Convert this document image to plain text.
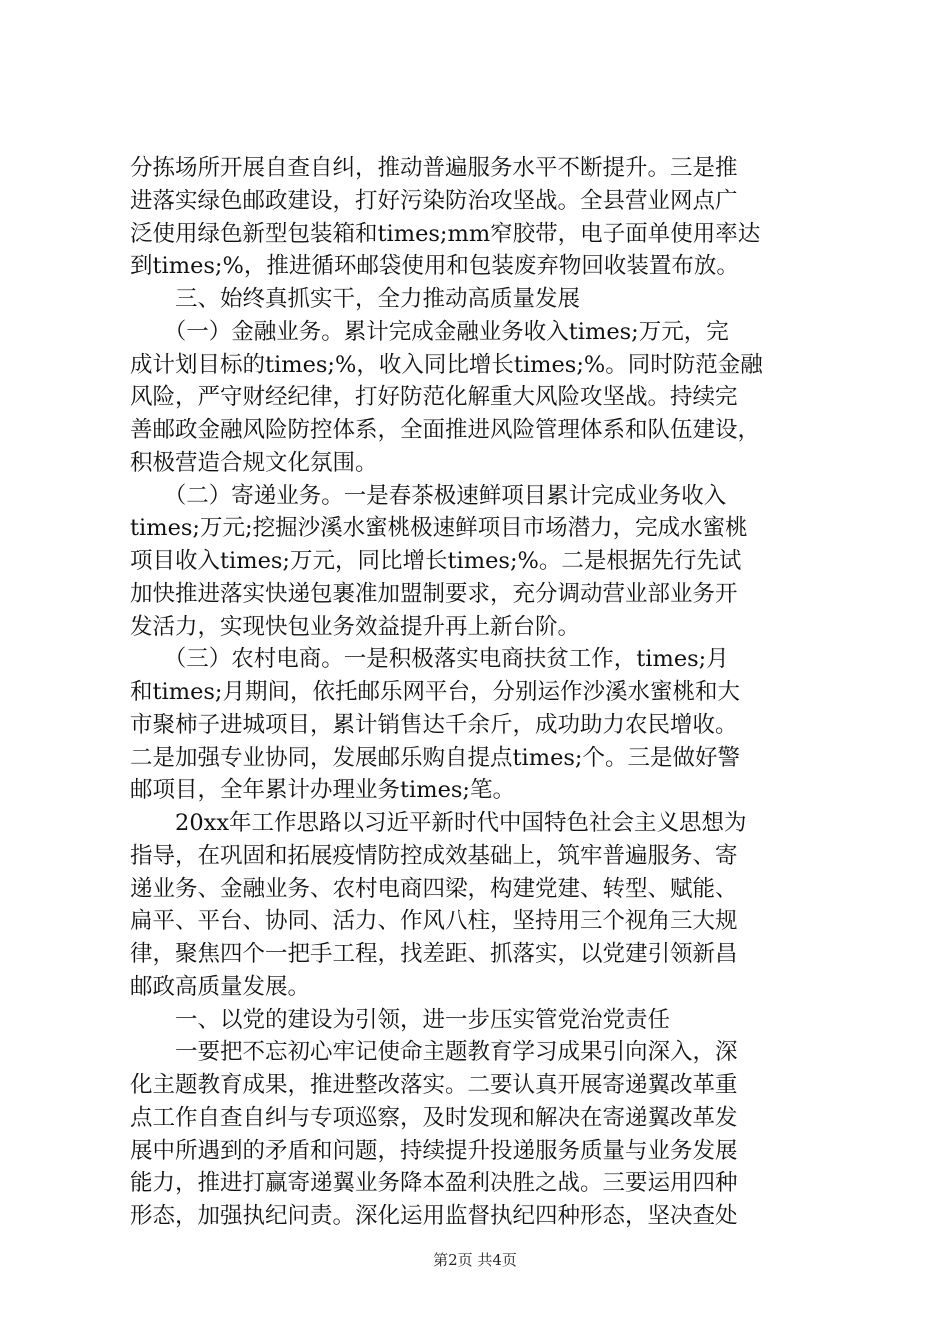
分拣场所开展自查自纠，推动普遍服务水平不断提升。三是推
进落实绿色邮政建设，打好污染防治攻坚战。全县营业网点广
泛使用绿色新型包装箱和times;mm窄胶带，电子面单使用率达
到times;%，推进循环邮袋使用和包装废弃物回收装置布放。
　　三、始终真抓实干，全力推动高质量发展
　　（一）金融业务。累计完成金融业务收入times;万元，完
成计划目标的times;%，收入同比增长times;%。同时防范金融
风险，严守财经纪律，打好防范化解重大风险攻坚战。持续完
善邮政金融风险防控体系，全面推进风险管理体系和队伍建设，
积极营造合规文化氛围。
　　（二）寄递业务。一是春茶极速鲜项目累计完成业务收入
times;万元;挖掘沙溪水蜜桃极速鲜项目市场潜力，完成水蜜桃
项目收入times;万元，同比增长times;%。二是根据先行先试
加快推进落实快递包裹准加盟制要求，充分调动营业部业务开
发活力，实现快包业务效益提升再上新台阶。
　　（三）农村电商。一是积极落实电商扶贫工作，times;月
和times;月期间，依托邮乐网平台，分别运作沙溪水蜜桃和大
市聚柿子进城项目，累计销售达千余斤，成功助力农民增收。
二是加强专业协同，发展邮乐购自提点times;个。三是做好警
邮项目，全年累计办理业务times;笔。
　　20xx年工作思路以习近平新时代中国特色社会主义思想为
指导，在巩固和拓展疫情防控成效基础上，筑牢普遍服务、寄
递业务、金融业务、农村电商四梁，构建党建、转型、赋能、
扁平、平台、协同、活力、作风八柱，坚持用三个视角三大规
律，聚焦四个一把手工程，找差距、抓落实，以党建引领新昌
邮政高质量发展。
　　一、以党的建设为引领，进一步压实管党治党责任
　　一要把不忘初心牢记使命主题教育学习成果引向深入，深
化主题教育成果，推进整改落实。二要认真开展寄递翼改革重
点工作自查自纠与专项巡察，及时发现和解决在寄递翼改革发
展中所遇到的矛盾和问题，持续提升投递服务质量与业务发展
能力，推进打赢寄递翼业务降本盈利决胜之战。三要运用四种
形态，加强执纪问责。深化运用监督执纪四种形态，坚决查处
第2页 共4页
